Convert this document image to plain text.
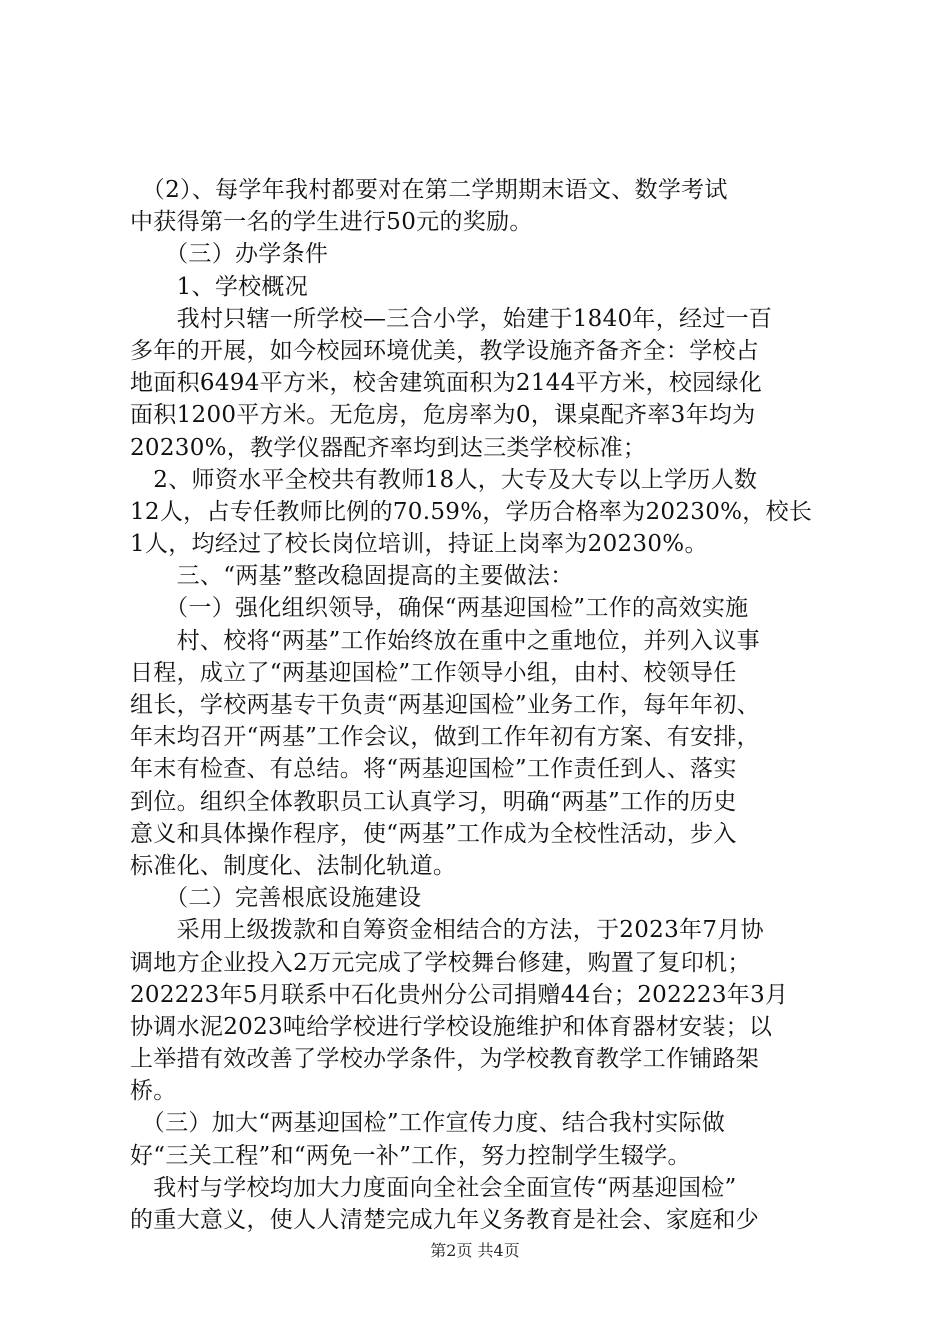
　（2）、每学年我村都要对在第二学期期末语文、数学考试
中获得第一名的学生进行50元的奖励。
　　（三）办学条件
　　1、学校概况
　　我村只辖一所学校—三合小学，始建于1840年，经过一百
多年的开展，如今校园环境优美，教学设施齐备齐全：学校占
地面积6494平方米，校舍建筑面积为2144平方米，校园绿化
面积1200平方米。无危房，危房率为0，课桌配齐率3年均为
20230%，教学仪器配齐率均到达三类学校标准；
　2、师资水平全校共有教师18人，大专及大专以上学历人数
12人，占专任教师比例的70.59%，学历合格率为20230%，校长
1人，均经过了校长岗位培训，持证上岗率为20230%。
　　三、“两基”整改稳固提高的主要做法：
　　（一）强化组织领导，确保“两基迎国检”工作的高效实施
　　村、校将“两基”工作始终放在重中之重地位，并列入议事
日程，成立了“两基迎国检”工作领导小组，由村、校领导任
组长，学校两基专干负责“两基迎国检”业务工作，每年年初、
年末均召开“两基”工作会议，做到工作年初有方案、有安排，
年末有检查、有总结。将“两基迎国检”工作责任到人、落实
到位。组织全体教职员工认真学习，明确“两基”工作的历史
意义和具体操作程序，使“两基”工作成为全校性活动，步入
标准化、制度化、法制化轨道。
　　（二）完善根底设施建设
　　采用上级拨款和自筹资金相结合的方法，于2023年7月协
调地方企业投入2万元完成了学校舞台修建，购置了复印机；
202223年5月联系中石化贵州分公司捐赠44台；202223年3月
协调水泥2023吨给学校进行学校设施维护和体育器材安装；以
上举措有效改善了学校办学条件，为学校教育教学工作铺路架
桥。
　（三）加大“两基迎国检”工作宣传力度、结合我村实际做
好“三关工程”和“两免一补”工作，努力控制学生辍学。
　我村与学校均加大力度面向全社会全面宣传“两基迎国检”
的重大意义，使人人清楚完成九年义务教育是社会、家庭和少
第2页 共4页
